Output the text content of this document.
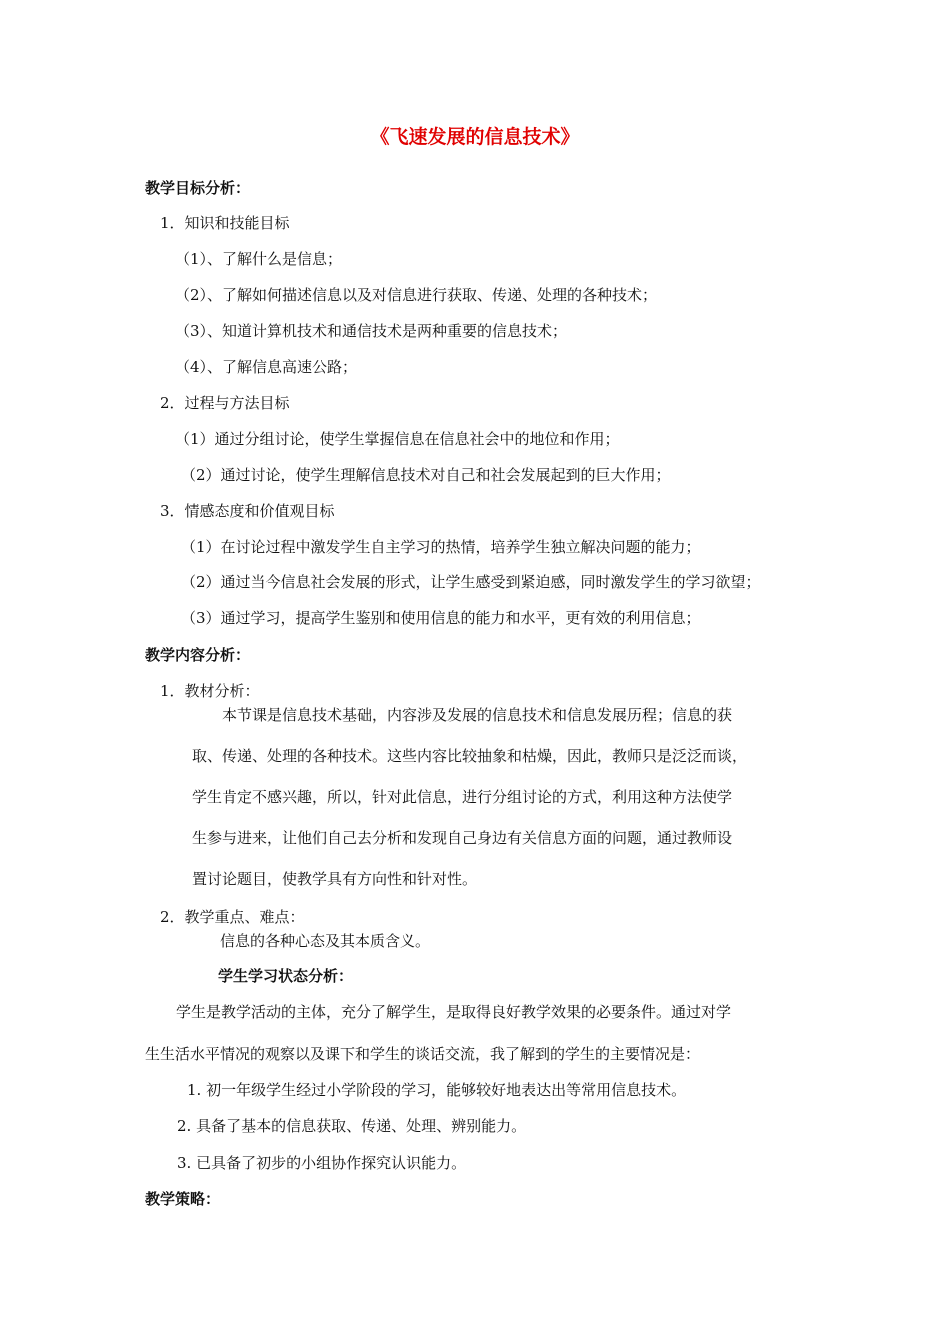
《飞速发展的信息技术》
教学目标分析：
1．知识和技能目标
（1）、了解什么是信息；
（2）、了解如何描述信息以及对信息进行获取、传递、处理的各种技术；
（3）、知道计算机技术和通信技术是两种重要的信息技术；
（4）、了解信息高速公路；
2．过程与方法目标
（1）通过分组讨论，使学生掌握信息在信息社会中的地位和作用；
（2）通过讨论，使学生理解信息技术对自己和社会发展起到的巨大作用；
3．情感态度和价值观目标
（1）在讨论过程中激发学生自主学习的热情，培养学生独立解决问题的能力；
（2）通过当今信息社会发展的形式，让学生感受到紧迫感，同时激发学生的学习欲望；
（3）通过学习，提高学生鉴别和使用信息的能力和水平，更有效的利用信息；
教学内容分析：
1．教材分析：
本节课是信息技术基础，内容涉及发展的信息技术和信息发展历程；信息的获
取、传递、处理的各种技术。这些内容比较抽象和枯燥，因此，教师只是泛泛而谈，
学生肯定不感兴趣，所以，针对此信息，进行分组讨论的方式，利用这种方法使学
生参与进来，让他们自己去分析和发现自己身边有关信息方面的问题，通过教师设
置讨论题目，使教学具有方向性和针对性。
2．教学重点、难点：
信息的各种心态及其本质含义。
学生学习状态分析：
学生是教学活动的主体，充分了解学生，是取得良好教学效果的必要条件。通过对学
生生活水平情况的观察以及课下和学生的谈话交流，我了解到的学生的主要情况是：
1. 初一年级学生经过小学阶段的学习，能够较好地表达出等常用信息技术。
2. 具备了基本的信息获取、传递、处理、辨别能力。
3. 已具备了初步的小组协作探究认识能力。
教学策略：
